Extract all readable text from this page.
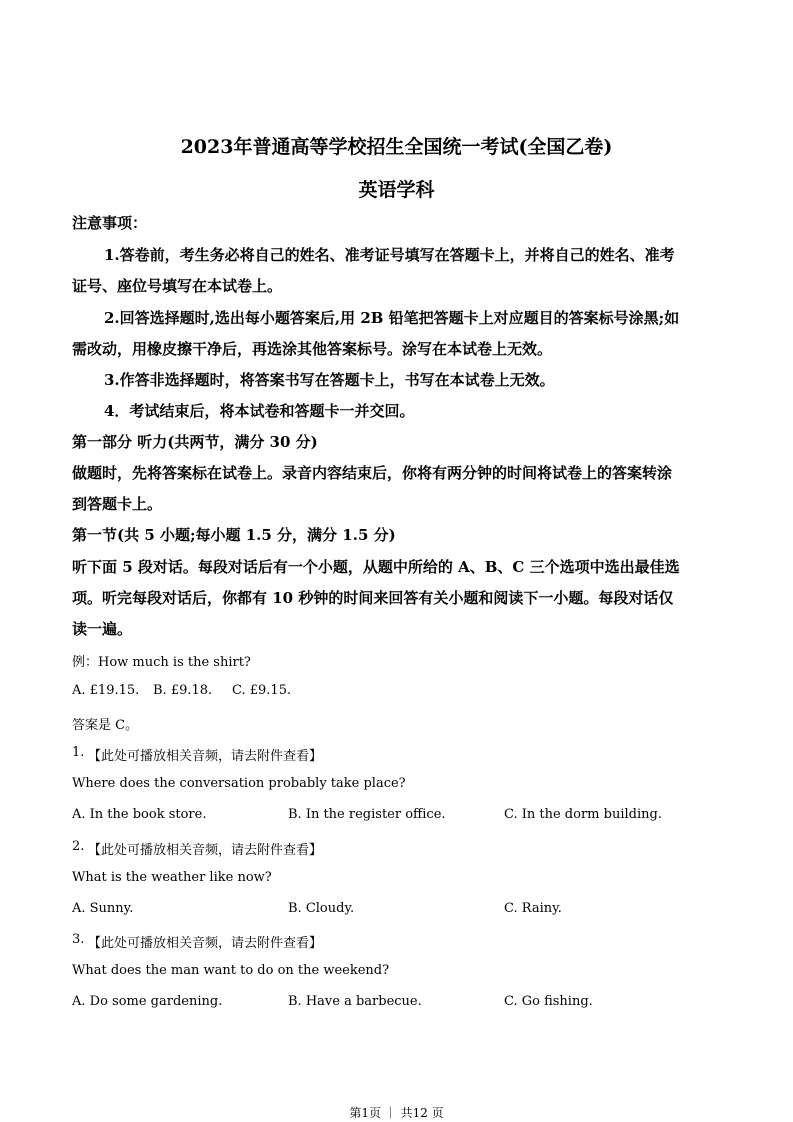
2023年普通高等学校招生全国统一考试(全国乙卷)
英语学科
注意事项：
1.答卷前，考生务必将自己的姓名、准考证号填写在答题卡上，并将自己的姓名、准考
证号、座位号填写在本试卷上。
2.回答选择题时,选出每小题答案后,用 2B 铅笔把答题卡上对应题目的答案标号涂黑;如
需改动，用橡皮擦干净后，再选涂其他答案标号。涂写在本试卷上无效。
3.作答非选择题时，将答案书写在答题卡上，书写在本试卷上无效。
4．考试结束后，将本试卷和答题卡一并交回。
第一部分 听力(共两节，满分 30 分)
做题时，先将答案标在试卷上。录音内容结束后，你将有两分钟的时间将试卷上的答案转涂
到答题卡上。
第一节(共 5 小题;每小题 1.5 分，满分 1.5 分)
听下面 5 段对话。每段对话后有一个小题，从题中所给的 A、B、C 三个选项中选出最佳选
项。听完每段对话后，你都有 10 秒钟的时间来回答有关小题和阅读下一小题。每段对话仅
读一遍。
例：How much is the shirt?
A. £19.15. B. £9.18. C. £9.15.
答案是 C。
1. 【此处可播放相关音频，请去附件查看】
Where does the conversation probably take place?
A. In the book store.	B. In the register office.	C. In the dorm building.
2. 【此处可播放相关音频，请去附件查看】
What is the weather like now?
A. Sunny.	B. Cloudy.	C. Rainy.
3. 【此处可播放相关音频，请去附件查看】
What does the man want to do on the weekend?
A. Do some gardening.	B. Have a barbecue.	C. Go fishing.
第1页 ｜ 共12 页
